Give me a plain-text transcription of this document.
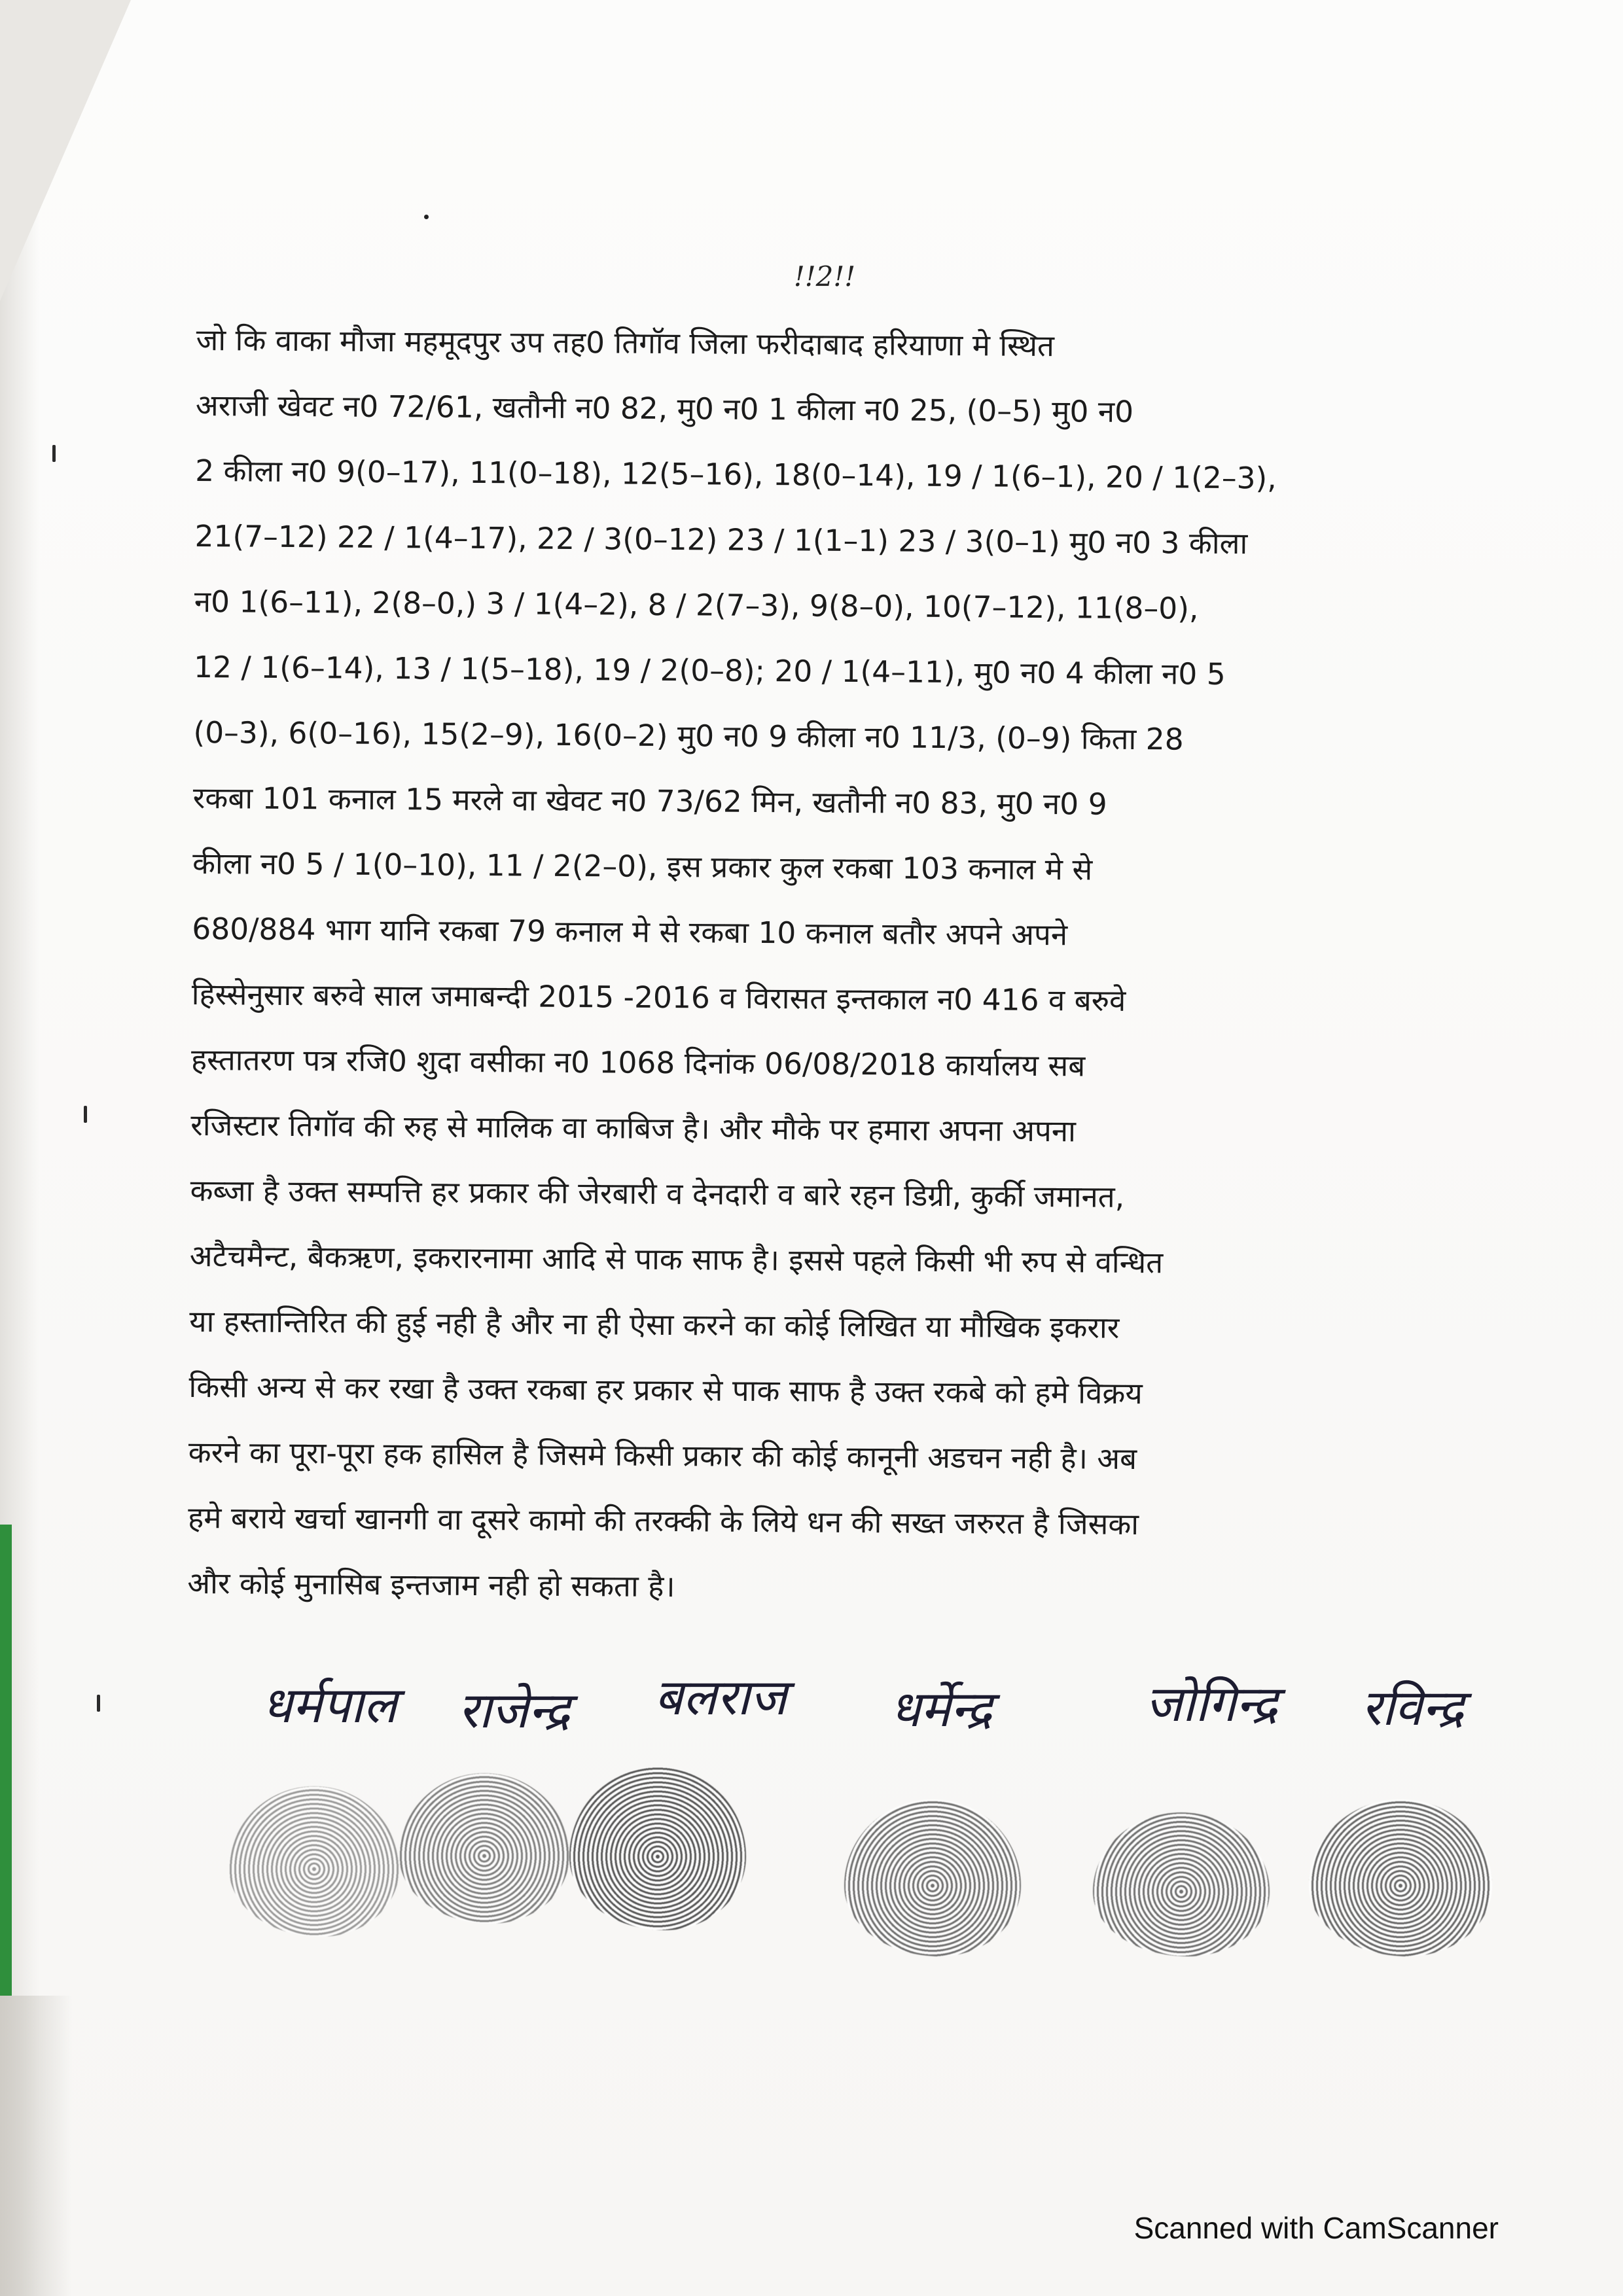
!!2!!
जो कि वाका मौजा महमूदपुर उप तह0 तिगॉव जिला फरीदाबाद हरियाणा मे स्थित
अराजी खेवट न0 72/61, खतौनी न0 82, मु0 न0 1 कीला न0 25, (0–5) मु0 न0
2 कीला न0 9(0–17), 11(0–18), 12(5–16), 18(0–14), 19 / 1(6–1), 20 / 1(2–3),
21(7–12) 22 / 1(4–17), 22 / 3(0–12) 23 / 1(1–1) 23 / 3(0–1) मु0 न0 3 कीला
न0 1(6–11), 2(8–0,) 3 / 1(4–2), 8 / 2(7–3), 9(8–0), 10(7–12), 11(8–0),
12 / 1(6–14), 13 / 1(5–18), 19 / 2(0–8); 20 / 1(4–11), मु0 न0 4 कीला न0 5
(0–3), 6(0–16), 15(2–9), 16(0–2) मु0 न0 9 कीला न0 11/3, (0–9) किता 28
रकबा 101 कनाल 15 मरले वा खेवट न0 73/62 मिन, खतौनी न0 83, मु0 न0 9
कीला न0 5 / 1(0–10), 11 / 2(2–0), इस प्रकार कुल रकबा 103 कनाल मे से
680/884 भाग यानि रकबा 79 कनाल मे से रकबा 10 कनाल बतौर अपने अपने
हिस्सेनुसार बरुवे साल जमाबन्दी 2015 -2016 व विरासत इन्तकाल न0 416 व बरुवे
हस्तातरण पत्र रजि0 शुदा वसीका न0 1068 दिनांक 06/08/2018 कार्यालय सब
रजिस्टार तिगॉव की रुह से मालिक वा काबिज है। और मौके पर हमारा अपना अपना
कब्जा है उक्त सम्पत्ति हर प्रकार की जेरबारी व देनदारी व बारे रहन डिग्री, कुर्की जमानत,
अटैचमैन्ट, बैकऋण, इकरारनामा आदि से पाक साफ है। इससे पहले किसी भी रुप से वन्धित
या हस्तान्तिरित की हुई नही है और ना ही ऐसा करने का कोई लिखित या मौखिक इकरार
किसी अन्य से कर रखा है उक्त रकबा हर प्रकार से पाक साफ है उक्त रकबे को हमे विक्रय
करने का पूरा-पूरा हक हासिल है जिसमे किसी प्रकार की कोई कानूनी अडचन नही है। अब
हमे बराये खर्चा खानगी वा दूसरे कामो की तरक्की के लिये धन की सख्त जरुरत है जिसका
और कोई मुनासिब इन्तजाम नही हो सकता है।
धर्मपाल राजेन्द्र बलराज धर्मेन्द्र	जोगिन्द्र रविन्द्र
Scanned with CamScanner
